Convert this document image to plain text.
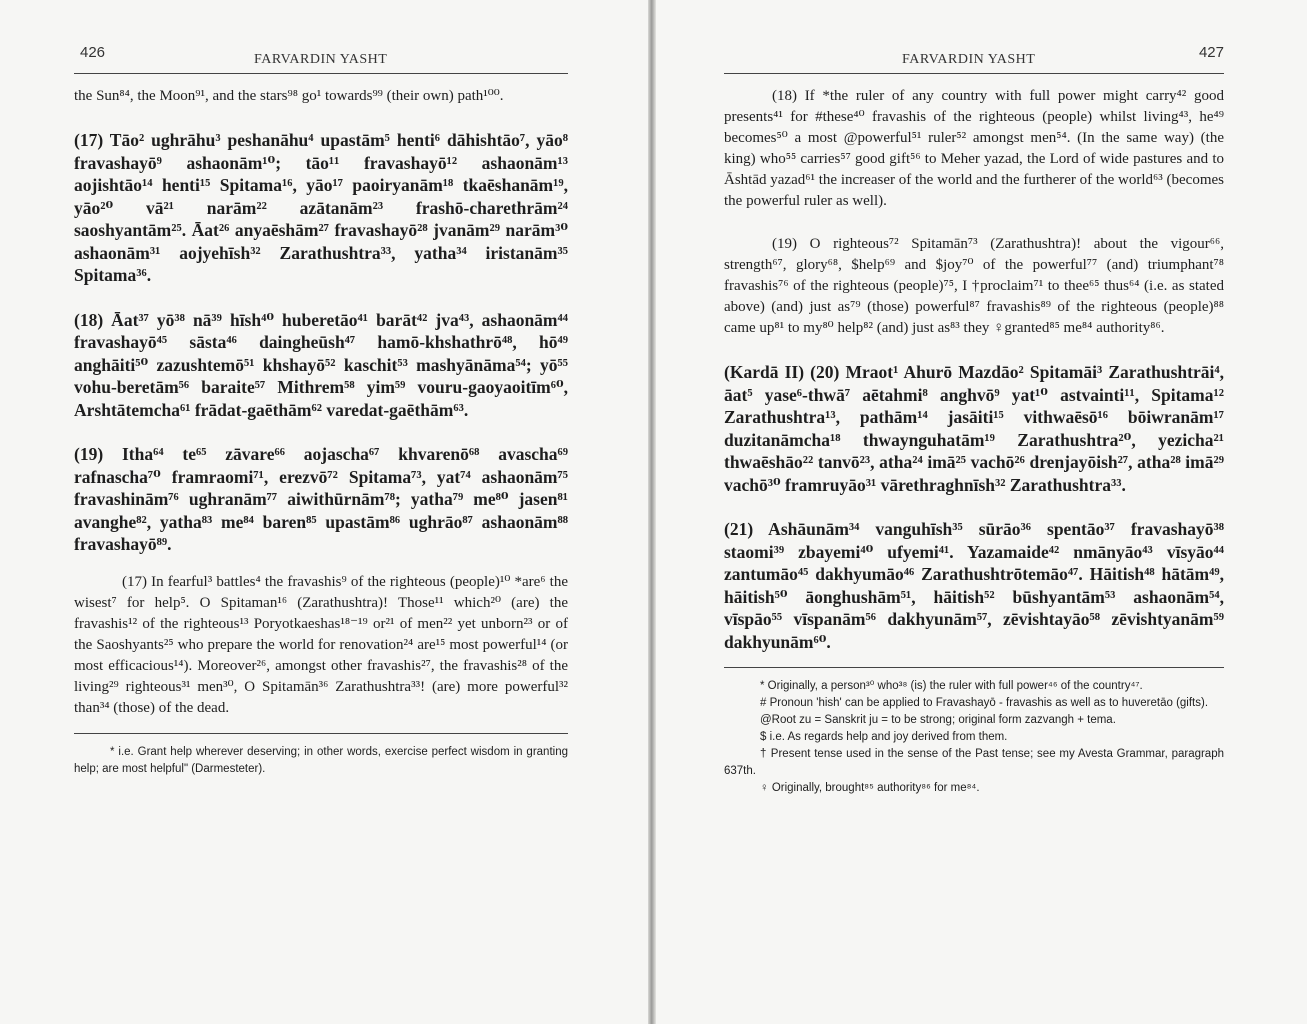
426	FARVARDIN YASHT

the Sun⁸⁴, the Moon⁹¹, and the stars⁹⁸ go¹ towards⁹⁹ (their own) path¹⁰⁰.

(17) Tāo² ughrāhu³ peshanāhu⁴ upastām⁵ henti⁶ dāhishtāo⁷, yāo⁸ fravashayō⁹ ashaonām¹⁰; tāo¹¹ fravashayō¹² ashaonām¹³ aojishtāo¹⁴ henti¹⁵ Spitama¹⁶, yāo¹⁷ paoiryanām¹⁸ tkaēshanām¹⁹, yāo²⁰ vā²¹ narām²² azātanām²³ frashō-charethrām²⁴ saoshyantām²⁵. Āat²⁶ anyaēshām²⁷ fravashayō²⁸ jvanām²⁹ narām³⁰ ashaonām³¹ aojyehīsh³² Zarathushtra³³, yatha³⁴ iristanām³⁵ Spitama³⁶.

(18) Āat³⁷ yō³⁸ nā³⁹ hīsh⁴⁰ huberetāo⁴¹ barāt⁴² jva⁴³, ashaonām⁴⁴ fravashayō⁴⁵ sāsta⁴⁶ daingheūsh⁴⁷ hamō-khshathrō⁴⁸, hō⁴⁹ anghāiti⁵⁰ zazushtemō⁵¹ khshayō⁵² kaschit⁵³ mashyānāma⁵⁴; yō⁵⁵ vohu-beretām⁵⁶ baraite⁵⁷ Mithrem⁵⁸ yim⁵⁹ vouru-gaoyaoitīm⁶⁰, Arshtātemcha⁶¹ frādat-gaēthām⁶² varedat-gaēthām⁶³.

(19) Itha⁶⁴ te⁶⁵ zāvare⁶⁶ aojascha⁶⁷ khvarenō⁶⁸ avascha⁶⁹ rafnascha⁷⁰ framraomi⁷¹, erezvō⁷² Spitama⁷³, yat⁷⁴ ashaonām⁷⁵ fravashinām⁷⁶ ughranām⁷⁷ aiwithūrnām⁷⁸; yatha⁷⁹ me⁸⁰ jasen⁸¹ avanghe⁸², yatha⁸³ me⁸⁴ baren⁸⁵ upastām⁸⁶ ughrāo⁸⁷ ashaonām⁸⁸ fravashayō⁸⁹.

(17) In fearful³ battles⁴ the fravashis⁹ of the righteous (people)¹⁰ *are⁶ the wisest⁷ for help⁵. O Spitaman¹⁶ (Zarathushtra)! Those¹¹ which²⁰ (are) the fravashis¹² of the righteous¹³ Poryotkaeshas¹⁸⁻¹⁹ or²¹ of men²² yet unborn²³ or of the Saoshyants²⁵ who prepare the world for renovation²⁴ are¹⁵ most powerful¹⁴ (or most efficacious¹⁴). Moreover²⁶, amongst other fravashis²⁷, the fravashis²⁸ of the living²⁹ righteous³¹ men³⁰, O Spitamān³⁶ Zarathushtra³³! (are) more powerful³² than³⁴ (those) of the dead.

* i.e. Grant help wherever deserving; in other words, exercise perfect wisdom in granting help; are most helpful" (Darmesteter).

427
FARVARDIN YASHT

(18) If *the ruler of any country with full power might carry⁴² good presents⁴¹ for #these⁴⁰ fravashis of the righteous (people) whilst living⁴³, he⁴⁹ becomes⁵⁰ a most @powerful⁵¹ ruler⁵² amongst men⁵⁴. (In the same way) (the king) who⁵⁵ carries⁵⁷ good gift⁵⁶ to Meher yazad, the Lord of wide pastures and to Āshtād yazad⁶¹ the increaser of the world and the furtherer of the world⁶³ (becomes the powerful ruler as well).

(19) O righteous⁷² Spitamān⁷³ (Zarathushtra)! about the vigour⁶⁶, strength⁶⁷, glory⁶⁸, $help⁶⁹ and $joy⁷⁰ of the powerful⁷⁷ (and) triumphant⁷⁸ fravashis⁷⁶ of the righteous (people)⁷⁵, I †proclaim⁷¹ to thee⁶⁵ thus⁶⁴ (i.e. as stated above) (and) just as⁷⁹ (those) powerful⁸⁷ fravashis⁸⁹ of the righteous (people)⁸⁸ came up⁸¹ to my⁸⁰ help⁸² (and) just as⁸³ they ♀granted⁸⁵ me⁸⁴ authority⁸⁶.

(Kardā II) (20) Mraot¹ Ahurō Mazdāo² Spitamāi³ Zarathushtrāi⁴, āat⁵ yase⁶-thwā⁷ aētahmi⁸ anghvō⁹ yat¹⁰ astvainti¹¹, Spitama¹² Zarathushtra¹³, pathām¹⁴ jasāiti¹⁵ vithwaēsō¹⁶ bōiwranām¹⁷ duzitanāmcha¹⁸ thwaynguhatām¹⁹ Zarathushtra²⁰, yezicha²¹ thwaēshāo²² tanvō²³, atha²⁴ imā²⁵ vachō²⁶ drenjayōish²⁷, atha²⁸ imā²⁹ vachō³⁰ framruyāo³¹ vārethraghnīsh³² Zarathushtra³³.

(21) Ashāunām³⁴ vanguhīsh³⁵ sūrāo³⁶ spentāo³⁷ fravashayō³⁸ staomi³⁹ zbayemi⁴⁰ ufyemi⁴¹. Yazamaide⁴² nmānyāo⁴³ vīsyāo⁴⁴ zantumāo⁴⁵ dakhyumāo⁴⁶ Zarathushtrōtemāo⁴⁷. Hāitish⁴⁸ hātām⁴⁹, hāitish⁵⁰ āonghushām⁵¹, hāitish⁵² būshyantām⁵³ ashaonām⁵⁴, vīspāo⁵⁵ vīspanām⁵⁶ dakhyunām⁵⁷, zēvishtayāo⁵⁸ zēvishtyanām⁵⁹ dakhyunām⁶⁰.

* Originally, a person³⁰ who³⁸ (is) the ruler with full power⁴⁶ of the country⁴⁷.

# Pronoun 'hish' can be applied to Fravashayō - fravashis as well as to huveretāo (gifts).

@Root zu = Sanskrit ju = to be strong; original form zazvangh + tema.

$ i.e. As regards help and joy derived from them.

† Present tense used in the sense of the Past tense; see my Avesta Grammar, paragraph 637th.

♀ Originally, brought⁸⁵ authority⁸⁶ for me⁸⁴.
